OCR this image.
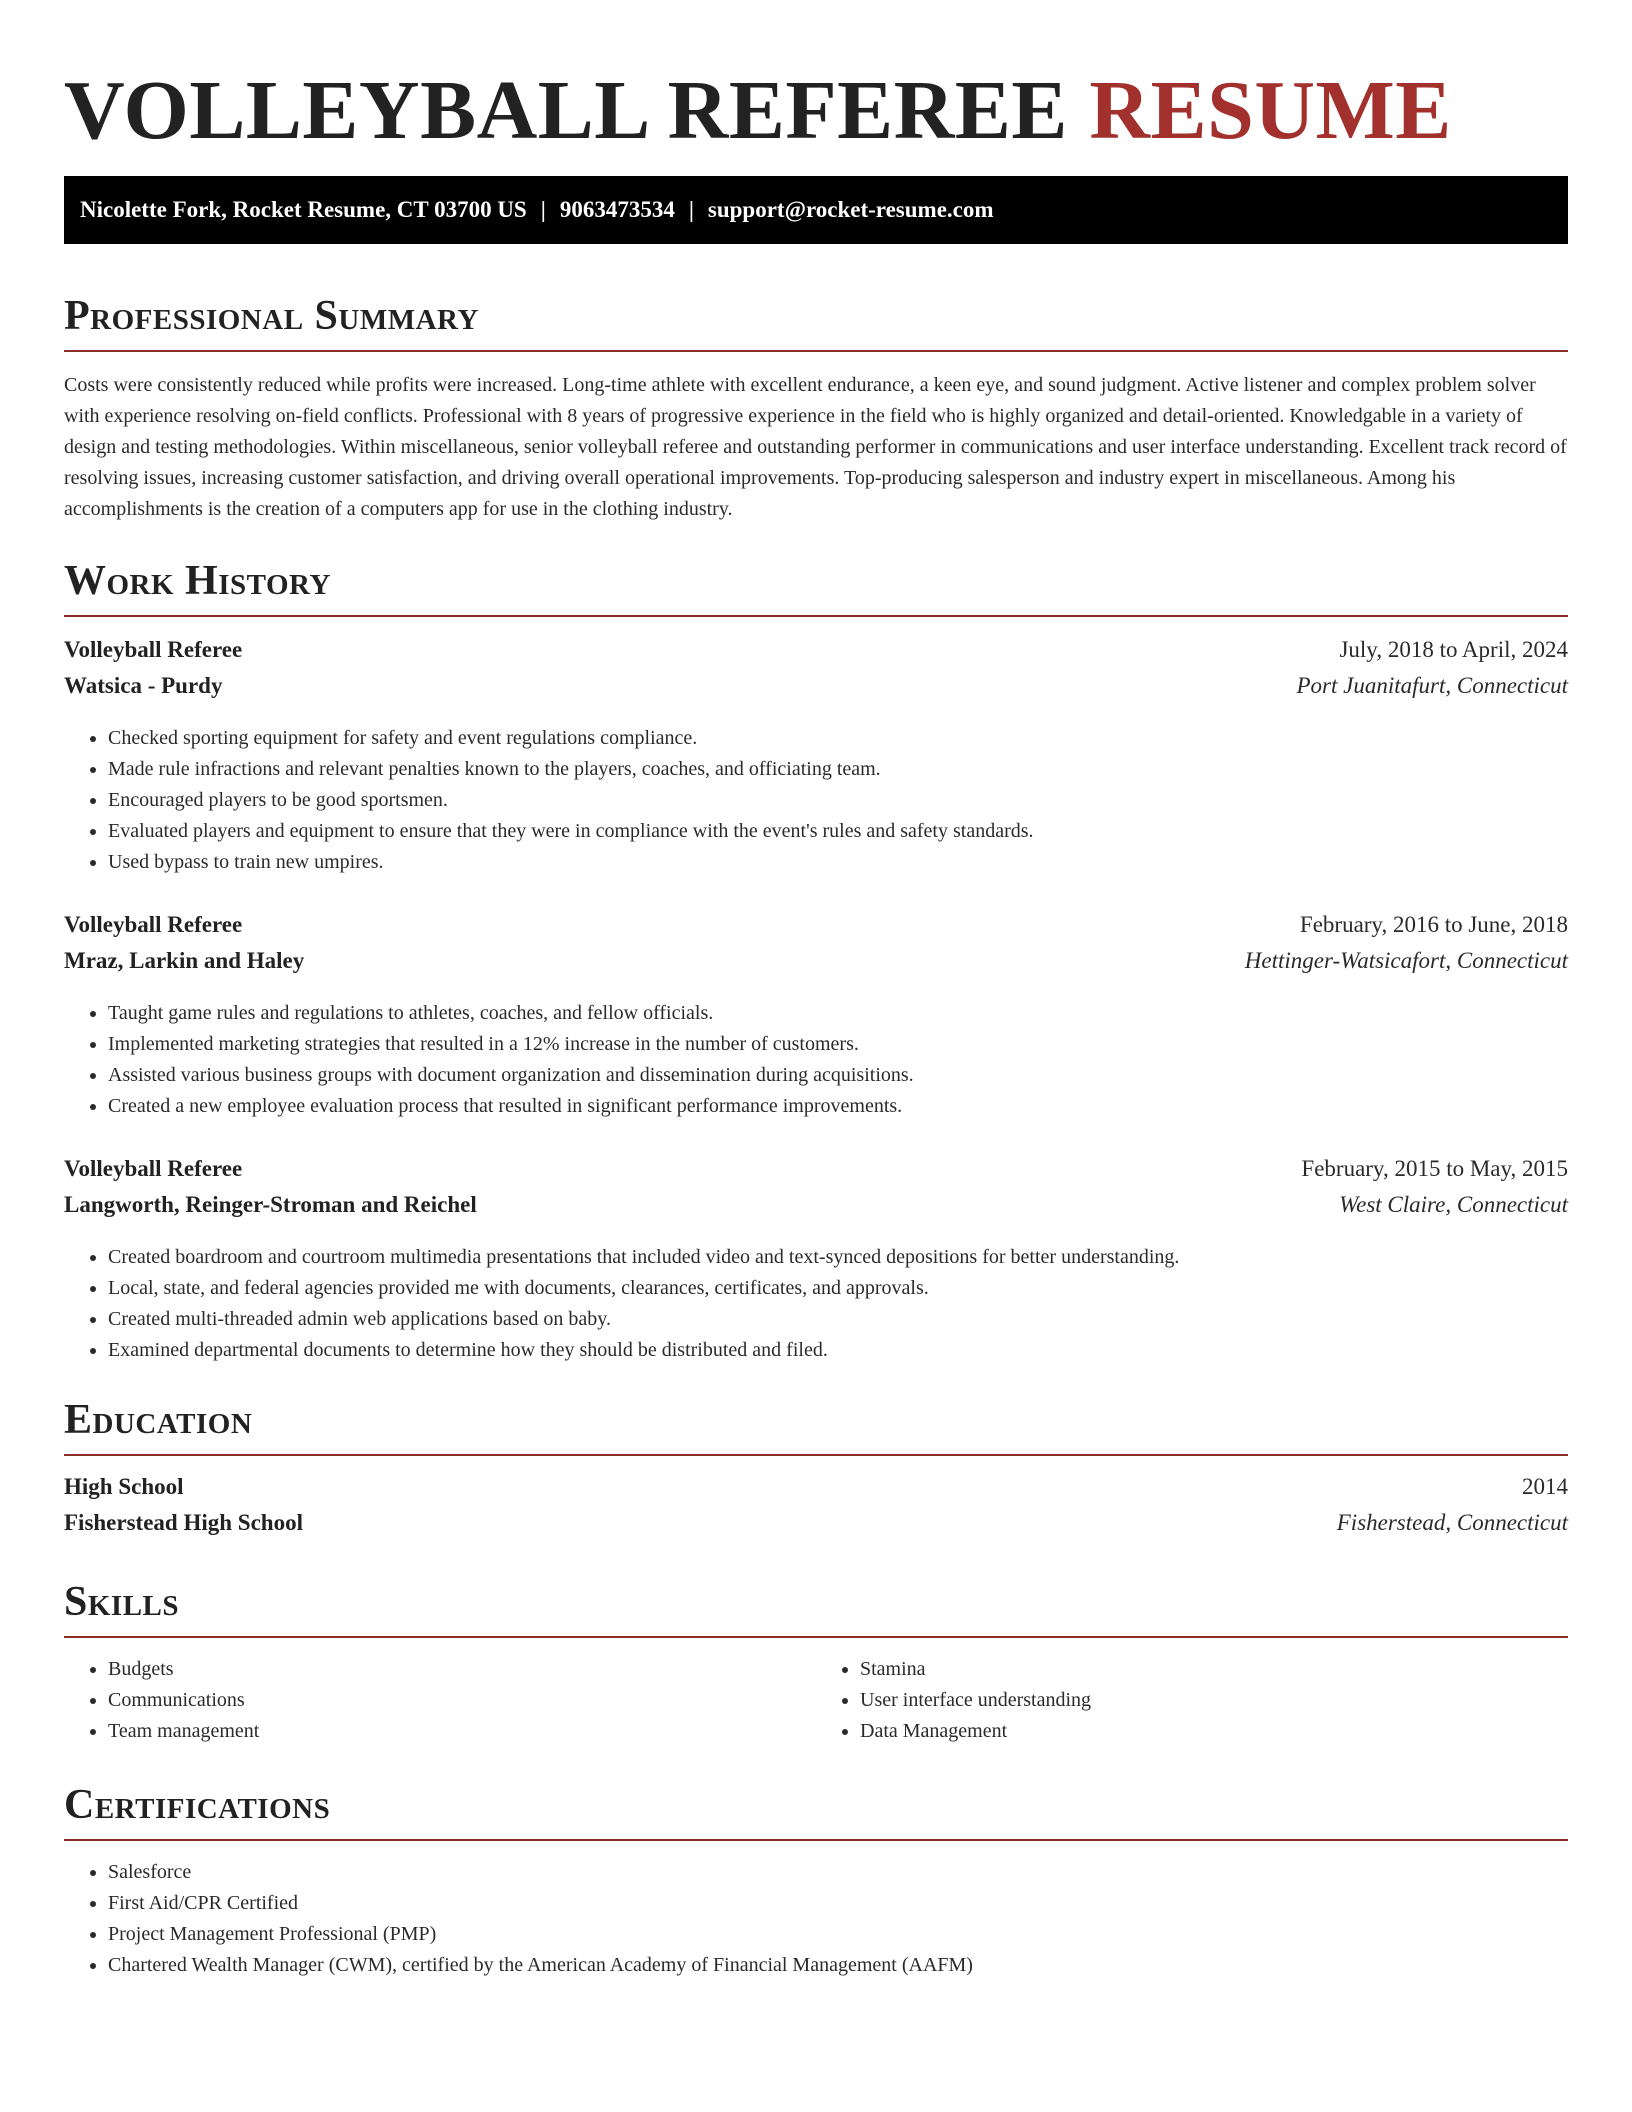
VOLLEYBALL REFEREE RESUME
Nicolette Fork, Rocket Resume, CT 03700 US | 9063473534 | support@rocket-resume.com
Professional Summary

Costs were consistently reduced while profits were increased. Long-time athlete with excellent endurance, a keen eye, and sound judgment. Active listener and complex problem solver with experience resolving on-field conflicts. Professional with 8 years of progressive experience in the field who is highly organized and detail-oriented. Knowledgable in a variety of design and testing methodologies. Within miscellaneous, senior volleyball referee and outstanding performer in communications and user interface understanding. Excellent track record of resolving issues, increasing customer satisfaction, and driving overall operational improvements. Top-producing salesperson and industry expert in miscellaneous. Among his accomplishments is the creation of a computers app for use in the clothing industry.

Work History
Volleyball Referee	July, 2018 to April, 2024
Watsica - Purdy	Port Juanitafurt, Connecticut
• Checked sporting equipment for safety and event regulations compliance.
• Made rule infractions and relevant penalties known to the players, coaches, and officiating team.
• Encouraged players to be good sportsmen.
• Evaluated players and equipment to ensure that they were in compliance with the event's rules and safety standards.
• Used bypass to train new umpires.
Volleyball Referee	February, 2016 to June, 2018
Mraz, Larkin and Haley	Hettinger-Watsicafort, Connecticut
• Taught game rules and regulations to athletes, coaches, and fellow officials.
• Implemented marketing strategies that resulted in a 12% increase in the number of customers.
• Assisted various business groups with document organization and dissemination during acquisitions.
• Created a new employee evaluation process that resulted in significant performance improvements.
Volleyball Referee	February, 2015 to May, 2015
Langworth, Reinger-Stroman and Reichel	West Claire, Connecticut
• Created boardroom and courtroom multimedia presentations that included video and text-synced depositions for better understanding.
• Local, state, and federal agencies provided me with documents, clearances, certificates, and approvals.
• Created multi-threaded admin web applications based on baby.
• Examined departmental documents to determine how they should be distributed and filed.
Education
High School	2014
Fisherstead High School	Fisherstead, Connecticut
Skills
• Budgets
• Communications
• Team management
• Stamina
• User interface understanding
• Data Management
Certifications
• Salesforce
• First Aid/CPR Certified
• Project Management Professional (PMP)
• Chartered Wealth Manager (CWM), certified by the American Academy of Financial Management (AAFM)
